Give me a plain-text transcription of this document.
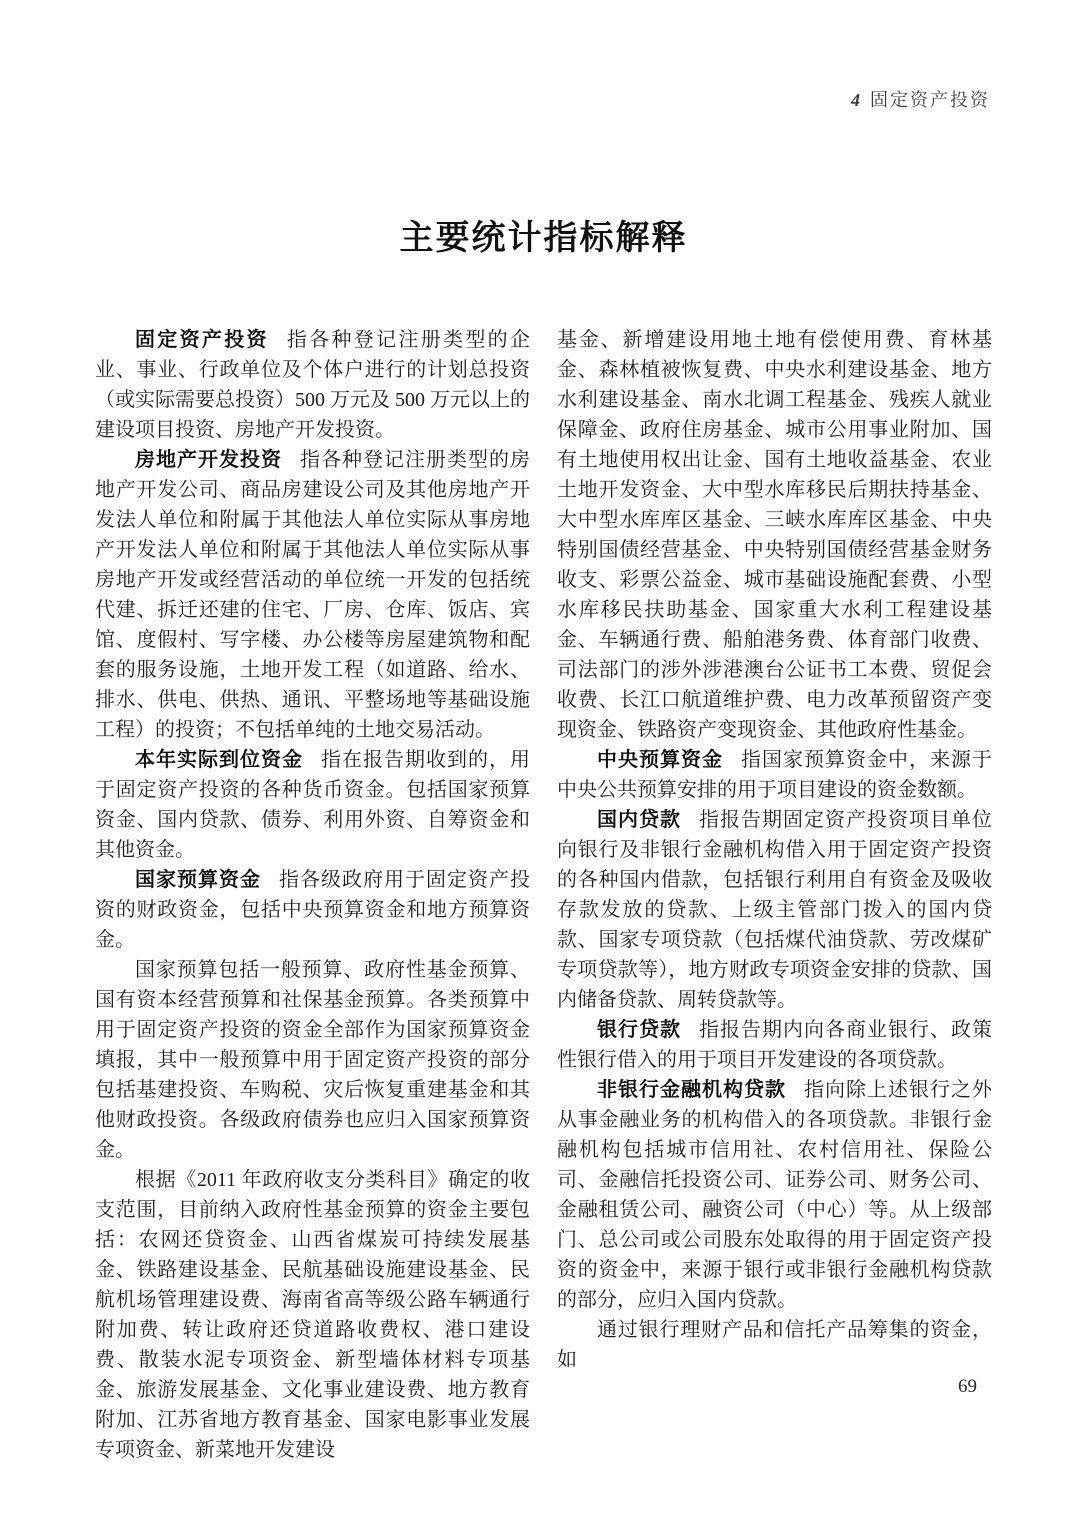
4 固定资产投资
主要统计指标解释

固定资产投资 指各种登记注册类型的企业、事业、行政单位及个体户进行的计划总投资（或实际需要总投资）500 万元及 500 万元以上的建设项目投资、房地产开发投资。

房地产开发投资 指各种登记注册类型的房地产开发公司、商品房建设公司及其他房地产开发法人单位和附属于其他法人单位实际从事房地产开发法人单位和附属于其他法人单位实际从事房地产开发或经营活动的单位统一开发的包括统代建、拆迁还建的住宅、厂房、仓库、饭店、宾馆、度假村、写字楼、办公楼等房屋建筑物和配套的服务设施，土地开发工程（如道路、给水、排水、供电、供热、通讯、平整场地等基础设施工程）的投资；不包括单纯的土地交易活动。

本年实际到位资金 指在报告期收到的，用于固定资产投资的各种货币资金。包括国家预算资金、国内贷款、债券、利用外资、自筹资金和其他资金。

国家预算资金 指各级政府用于固定资产投资的财政资金，包括中央预算资金和地方预算资金。

国家预算包括一般预算、政府性基金预算、国有资本经营预算和社保基金预算。各类预算中用于固定资产投资的资金全部作为国家预算资金填报，其中一般预算中用于固定资产投资的部分包括基建投资、车购税、灾后恢复重建基金和其他财政投资。各级政府债券也应归入国家预算资金。

根据《2011 年政府收支分类科目》确定的收支范围，目前纳入政府性基金预算的资金主要包括：农网还贷资金、山西省煤炭可持续发展基金、铁路建设基金、民航基础设施建设基金、民航机场管理建设费、海南省高等级公路车辆通行附加费、转让政府还贷道路收费权、港口建设费、散装水泥专项资金、新型墙体材料专项基金、旅游发展基金、文化事业建设费、地方教育附加、江苏省地方教育基金、国家电影事业发展专项资金、新菜地开发建设

基金、新增建设用地土地有偿使用费、育林基金、森林植被恢复费、中央水利建设基金、地方水利建设基金、南水北调工程基金、残疾人就业保障金、政府住房基金、城市公用事业附加、国有土地使用权出让金、国有土地收益基金、农业土地开发资金、大中型水库移民后期扶持基金、大中型水库库区基金、三峡水库库区基金、中央特别国债经营基金、中央特别国债经营基金财务收支、彩票公益金、城市基础设施配套费、小型水库移民扶助基金、国家重大水利工程建设基金、车辆通行费、船舶港务费、体育部门收费、司法部门的涉外涉港澳台公证书工本费、贸促会收费、长江口航道维护费、电力改革预留资产变现资金、铁路资产变现资金、其他政府性基金。

中央预算资金 指国家预算资金中，来源于中央公共预算安排的用于项目建设的资金数额。

国内贷款 指报告期固定资产投资项目单位向银行及非银行金融机构借入用于固定资产投资的各种国内借款，包括银行利用自有资金及吸收存款发放的贷款、上级主管部门拨入的国内贷款、国家专项贷款（包括煤代油贷款、劳改煤矿专项贷款等），地方财政专项资金安排的贷款、国内储备贷款、周转贷款等。

银行贷款 指报告期内向各商业银行、政策性银行借入的用于项目开发建设的各项贷款。

非银行金融机构贷款 指向除上述银行之外从事金融业务的机构借入的各项贷款。非银行金融机构包括城市信用社、农村信用社、保险公司、金融信托投资公司、证券公司、财务公司、金融租赁公司、融资公司（中心）等。从上级部门、总公司或公司股东处取得的用于固定资产投资的资金中，来源于银行或非银行金融机构贷款的部分，应归入国内贷款。

通过银行理财产品和信托产品筹集的资金，如

69
